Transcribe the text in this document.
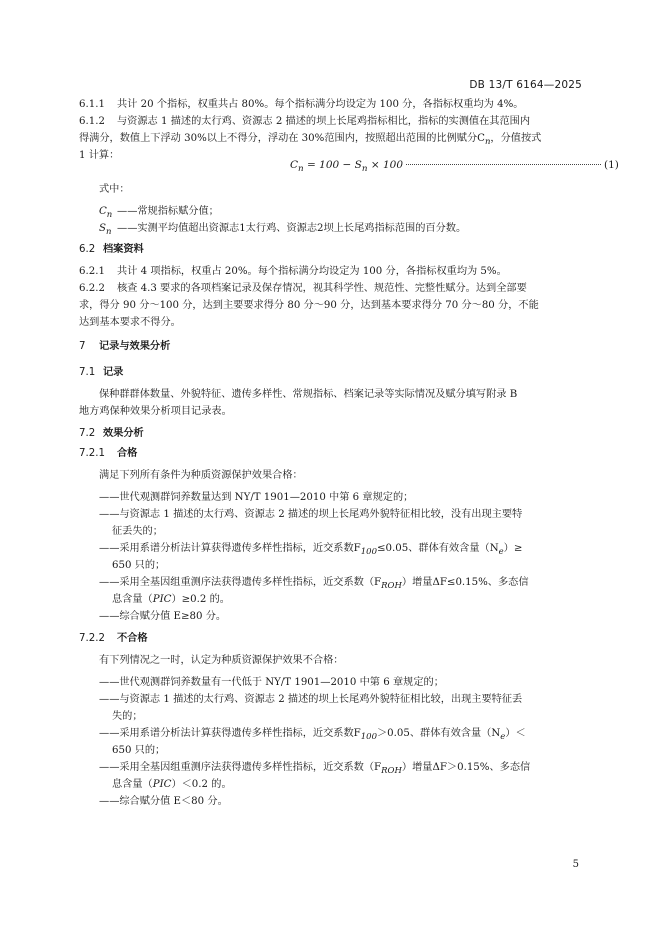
DB 13/T 6164—2025
6.1.1 共计 20 个指标，权重共占 80%。每个指标满分均设定为 100 分，各指标权重均为 4%。
6.1.2 与资源志 1 描述的太行鸡、资源志 2 描述的坝上长尾鸡指标相比，指标的实测值在其范围内
得满分，数值上下浮动 30%以上不得分，浮动在 30%范围内，按照超出范围的比例赋分$C_n$，分值按式
1 计算：
$C_n = 100 - S_n \times 100$	(1)
式中：
$C_n$ ——常规指标赋分值；
$S_n$ ——实测平均值超出资源志1太行鸡、资源志2坝上长尾鸡指标范围的百分数。
6.2 档案资料
6.2.1 共计 4 项指标，权重占 20%。每个指标满分均设定为 100 分，各指标权重均为 5%。
6.2.2 核查 4.3 要求的各项档案记录及保存情况，视其科学性、规范性、完整性赋分。达到全部要
求，得分 90 分～100 分，达到主要要求得分 80 分～90 分，达到基本要求得分 70 分～80 分，不能
达到基本要求不得分。
7 记录与效果分析
7.1 记录
保种群群体数量、外貌特征、遗传多样性、常规指标、档案记录等实际情况及赋分填写附录 B
地方鸡保种效果分析项目记录表。
7.2 效果分析
7.2.1 合格
满足下列所有条件为种质资源保护效果合格：
——世代观测群饲养数量达到 NY/T 1901—2010 中第 6 章规定的；
——与资源志 1 描述的太行鸡、资源志 2 描述的坝上长尾鸡外貌特征相比较，没有出现主要特
征丢失的；
——采用系谱分析法计算获得遗传多样性指标，近交系数$F_{100}\le 0.05$、群体有效含量$(N_e)\ge$
650 只的；
——采用全基因组重测序法获得遗传多样性指标，近交系数$(F_{ROH})$增量ΔF≤0.15%、多态信
息含量（PIC）≥0.2 的。
——综合赋分值 E≥80 分。
7.2.2 不合格
有下列情况之一时，认定为种质资源保护效果不合格：
——世代观测群饲养数量有一代低于 NY/T 1901—2010 中第 6 章规定的；
——与资源志 1 描述的太行鸡、资源志 2 描述的坝上长尾鸡外貌特征相比较，出现主要特征丢
失的；
——采用系谱分析法计算获得遗传多样性指标，近交系数$F_{100}>0.05$、群体有效含量$(N_e)<$
650 只的；
——采用全基因组重测序法获得遗传多样性指标，近交系数$(F_{ROH})$增量ΔF＞0.15%、多态信
息含量（PIC）＜0.2 的。
——综合赋分值 E＜80 分。
5
